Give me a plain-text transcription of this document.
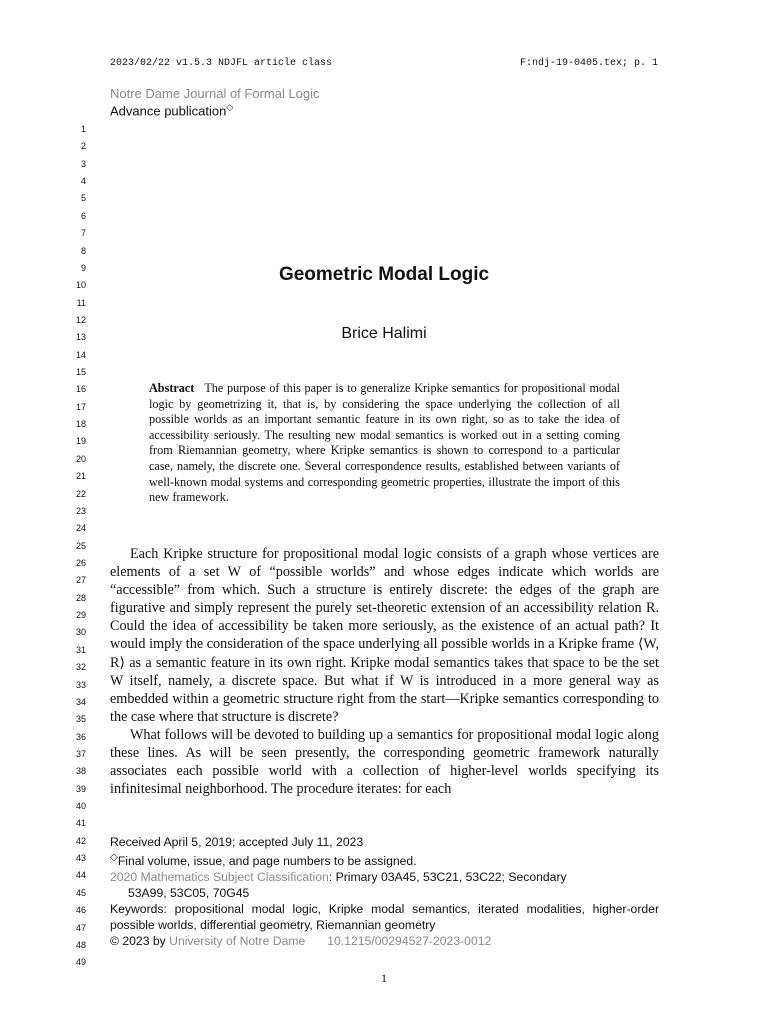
2023/02/22 v1.5.3 NDJFL article class	F:ndj-19-0405.tex; p. 1
Notre Dame Journal of Formal Logic
Advance publication◇
1
2
3
4
5
6
7
8
9
10
11
12
13
14
15
16
17
18
19
20
21
22
23
24
25
26
27
28
29
30
31
32
33
34
35
36
37
38
39
40
41
42
43
44
45
46
47
48
49
Geometric Modal Logic
Brice Halimi
Abstract The purpose of this paper is to generalize Kripke semantics for propositional modal logic by geometrizing it, that is, by considering the space underlying the collection of all possible worlds as an important semantic feature in its own right, so as to take the idea of accessibility seriously. The resulting new modal semantics is worked out in a setting coming from Riemannian geometry, where Kripke semantics is shown to correspond to a particular case, namely, the discrete one. Several correspondence results, established between variants of well-known modal systems and corresponding geometric properties, illustrate the import of this new framework.

Each Kripke structure for propositional modal logic consists of a graph whose vertices are elements of a set W of “possible worlds” and whose edges indicate which worlds are “accessible” from which. Such a structure is entirely discrete: the edges of the graph are figurative and simply represent the purely set-theoretic extension of an accessibility relation R. Could the idea of accessibility be taken more seriously, as the existence of an actual path? It would imply the consideration of the space underlying all possible worlds in a Kripke frame ⟨W, R⟩ as a semantic feature in its own right. Kripke modal semantics takes that space to be the set W itself, namely, a discrete space. But what if W is introduced in a more general way as embedded within a geometric structure right from the start—Kripke semantics corresponding to the case where that structure is discrete?

What follows will be devoted to building up a semantics for propositional modal logic along these lines. As will be seen presently, the corresponding geometric framework naturally associates each possible world with a collection of higher-level worlds specifying its infinitesimal neighborhood. The procedure iterates: for each

Received April 5, 2019; accepted July 11, 2023
◇Final volume, issue, and page numbers to be assigned.
2020 Mathematics Subject Classification: Primary 03A45, 53C21, 53C22; Secondary
53A99, 53C05, 70G45
Keywords: propositional modal logic, Kripke modal semantics, iterated modalities, higher-order possible worlds, differential geometry, Riemannian geometry
© 2023 by University of Notre Dame 10.1215/00294527-2023-0012
1
